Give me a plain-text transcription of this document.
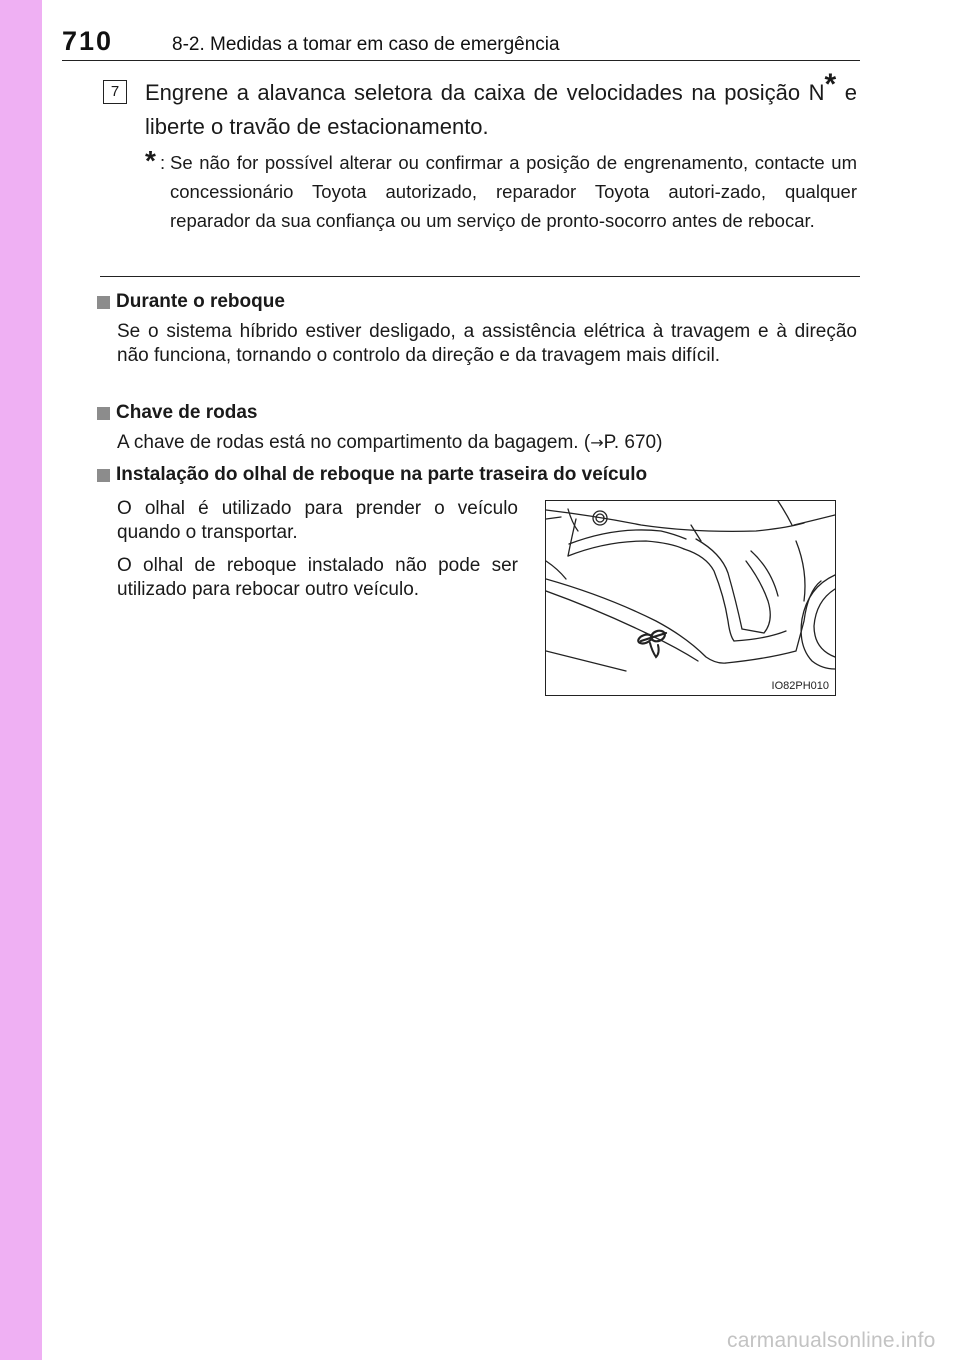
710	8-2. Medidas a tomar em caso de emergência
7	Engrene a alavanca seletora da caixa de velocidades na posição N* e liberte o travão de estacionamento.

* : Se não for possível alterar ou confirmar a posição de engrenamento, contacte um concessionário Toyota autorizado, reparador Toyota autori-zado, qualquer reparador da sua confiança ou um serviço de pronto-socorro antes de rebocar.

Durante o reboque

Se o sistema híbrido estiver desligado, a assistência elétrica à travagem e à direção não funciona, tornando o controlo da direção e da travagem mais difícil.

Chave de rodas

A chave de rodas está no compartimento da bagagem. (→P. 670)

Instalação do olhal de reboque na parte traseira do veículo

O olhal é utilizado para prender o veículo quando o transportar.

O olhal de reboque instalado não pode ser utilizado para rebocar outro veículo.

IO82PH010
carmanualsonline.info
